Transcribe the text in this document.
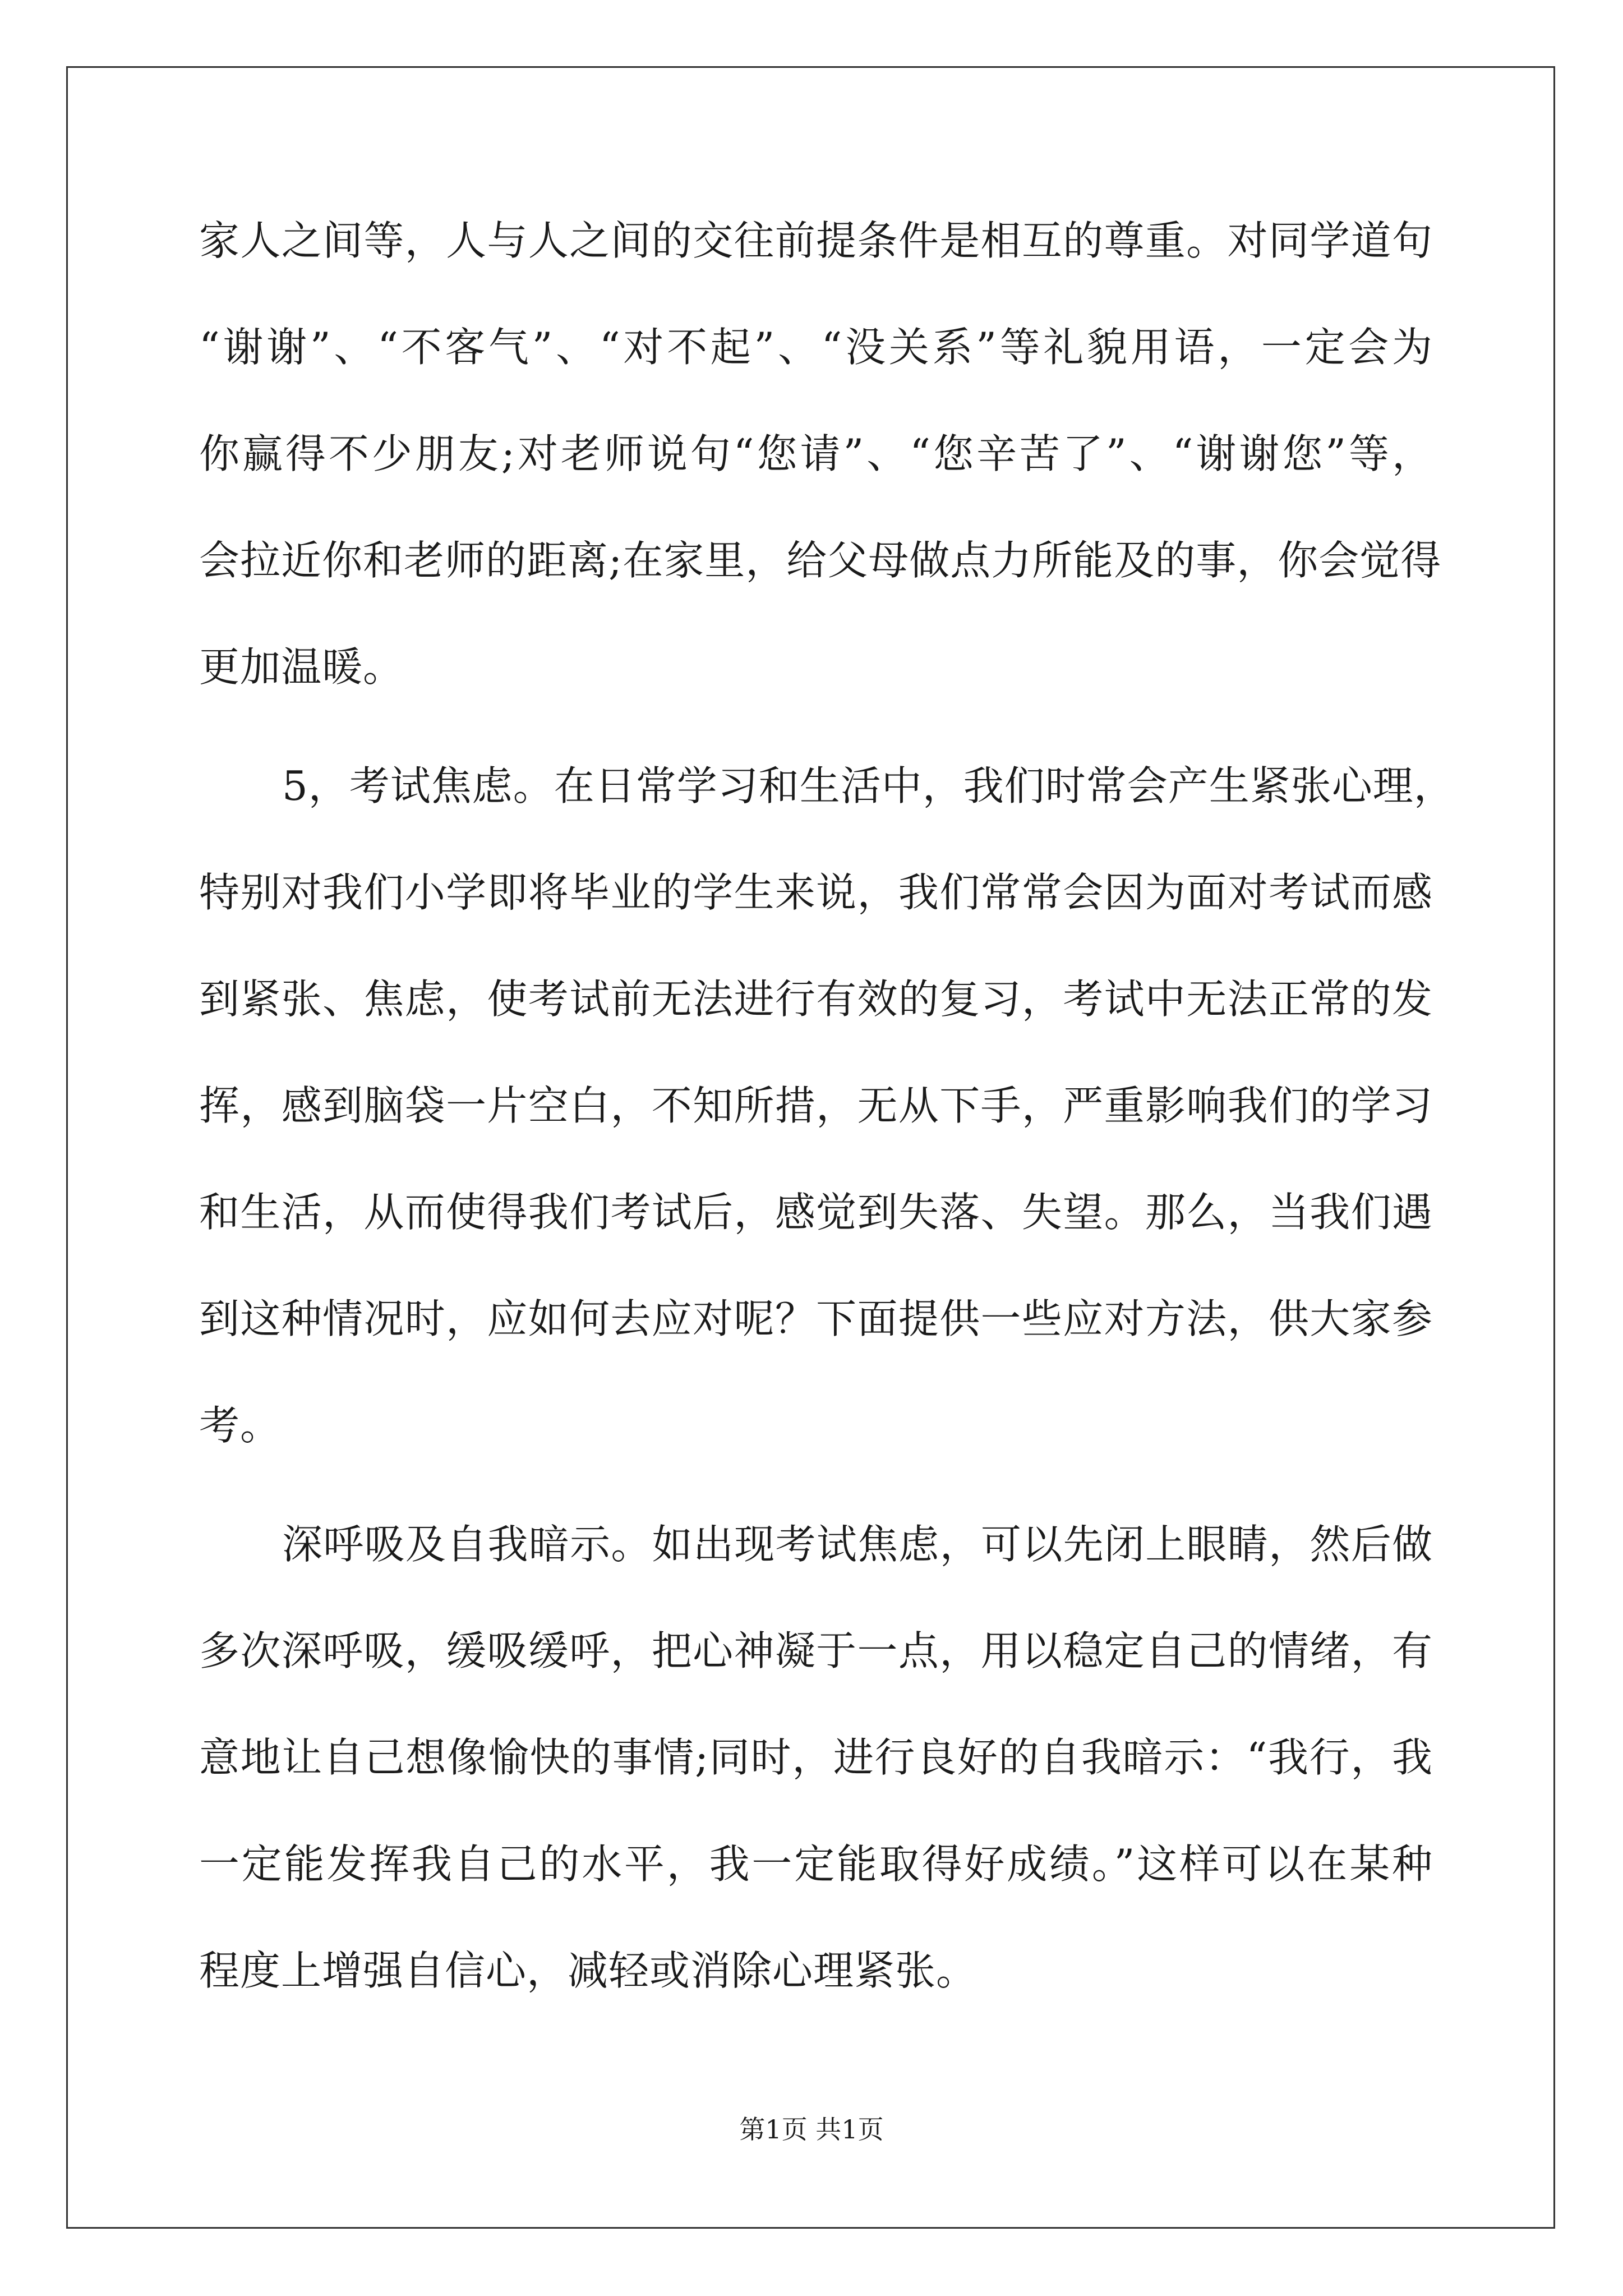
家人之间等，人与人之间的交往前提条件是相互的尊重。对同学道句
“谢谢”、“不客气”、“对不起”、“没关系”等礼貌用语，一定会为
你赢得不少朋友;对老师说句“您请”、“您辛苦了”、“谢谢您”等，
会拉近你和老师的距离;在家里，给父母做点力所能及的事，你会觉得
更加温暖。
5，考试焦虑。在日常学习和生活中，我们时常会产生紧张心理，
特别对我们小学即将毕业的学生来说，我们常常会因为面对考试而感
到紧张、焦虑，使考试前无法进行有效的复习，考试中无法正常的发
挥，感到脑袋一片空白，不知所措，无从下手，严重影响我们的学习
和生活，从而使得我们考试后，感觉到失落、失望。那么，当我们遇
到这种情况时，应如何去应对呢？下面提供一些应对方法，供大家参
考。
深呼吸及自我暗示。如出现考试焦虑，可以先闭上眼睛，然后做
多次深呼吸，缓吸缓呼，把心神凝于一点，用以稳定自己的情绪，有
意地让自己想像愉快的事情;同时，进行良好的自我暗示：“我行，我
一定能发挥我自己的水平，我一定能取得好成绩。”这样可以在某种
程度上增强自信心，减轻或消除心理紧张。
第1页 共1页
